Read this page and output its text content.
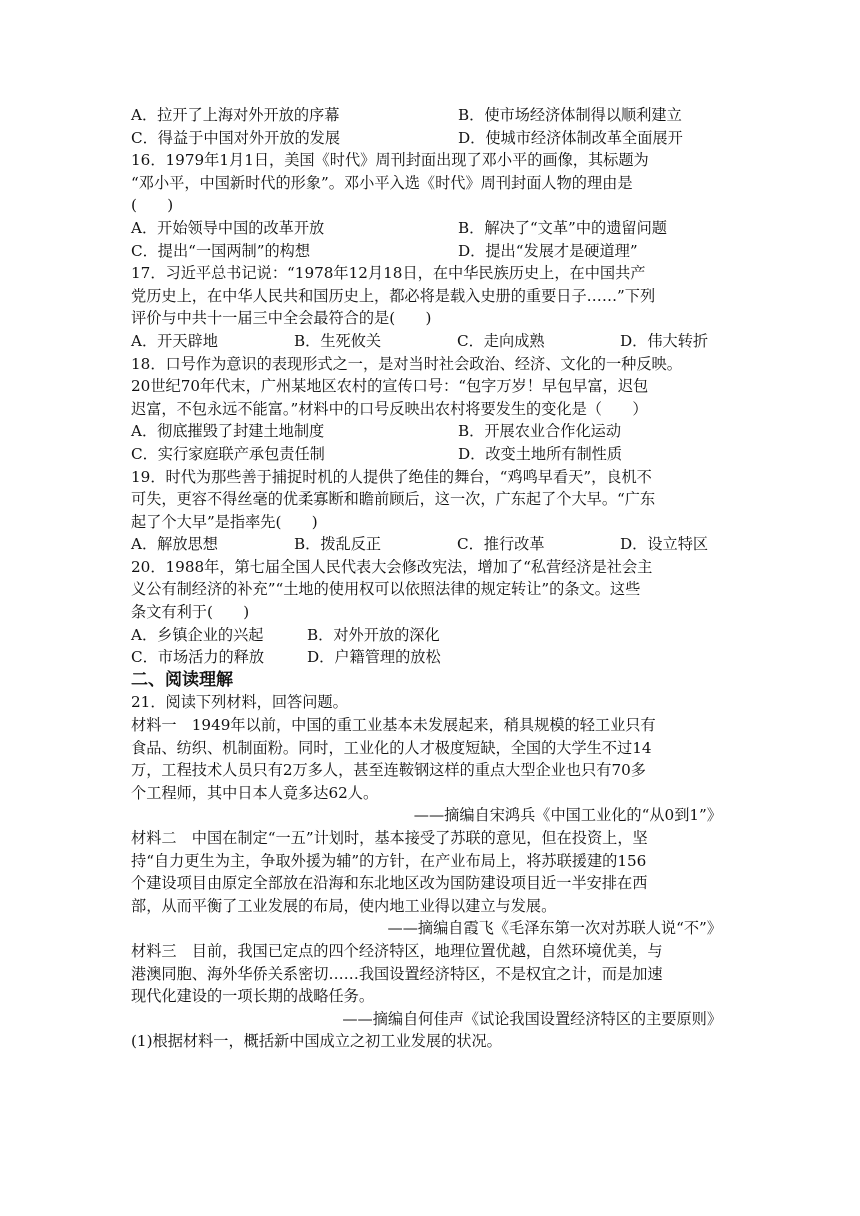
A．拉开了上海对外开放的序幕	B．使市场经济体制得以顺利建立
C．得益于中国对外开放的发展	D．使城市经济体制改革全面展开
16．1979年1月1日，美国《时代》周刊封面出现了邓小平的画像，其标题为
“邓小平，中国新时代的形象”。邓小平入选《时代》周刊封面人物的理由是
(　　)
A．开始领导中国的改革开放	B．解决了“文革”中的遗留问题
C．提出“一国两制”的构想	D．提出“发展才是硬道理”
17．习近平总书记说：“1978年12月18日，在中华民族历史上，在中国共产
党历史上，在中华人民共和国历史上，都必将是载入史册的重要日子……”下列
评价与中共十一届三中全会最符合的是(　　)
A．开天辟地	B．生死攸关	C．走向成熟	D．伟大转折
18．口号作为意识的表现形式之一，是对当时社会政治、经济、文化的一种反映。
20世纪70年代末，广州某地区农村的宣传口号：“包字万岁！早包早富，迟包
迟富，不包永远不能富。”材料中的口号反映出农村将要发生的变化是（　　）
A．彻底摧毁了封建土地制度	B．开展农业合作化运动
C．实行家庭联产承包责任制	D．改变土地所有制性质
19．时代为那些善于捕捉时机的人提供了绝佳的舞台，“鸡鸣早看天”，良机不
可失，更容不得丝毫的优柔寡断和瞻前顾后，这一次，广东起了个大早。“广东
起了个大早”是指率先(　　)
A．解放思想	B．拨乱反正	C．推行改革	D．设立特区
20．1988年，第七届全国人民代表大会修改宪法，增加了“私营经济是社会主
义公有制经济的补充”“土地的使用权可以依照法律的规定转让”的条文。这些
条文有利于(　　)
A．乡镇企业的兴起	B．对外开放的深化
C．市场活力的释放	D．户籍管理的放松
二、阅读理解
21．阅读下列材料，回答问题。
材料一　1949年以前，中国的重工业基本未发展起来，稍具规模的轻工业只有
食品、纺织、机制面粉。同时，工业化的人才极度短缺，全国的大学生不过14
万，工程技术人员只有2万多人，甚至连鞍钢这样的重点大型企业也只有70多
个工程师，其中日本人竟多达62人。
——摘编自宋鸿兵《中国工业化的“从0到1”》
材料二　中国在制定“一五”计划时，基本接受了苏联的意见，但在投资上，坚
持“自力更生为主，争取外援为辅”的方针，在产业布局上，将苏联援建的156
个建设项目由原定全部放在沿海和东北地区改为国防建设项目近一半安排在西
部，从而平衡了工业发展的布局，使内地工业得以建立与发展。
——摘编自霞飞《毛泽东第一次对苏联人说“不”》
材料三　目前，我国已定点的四个经济特区，地理位置优越，自然环境优美，与
港澳同胞、海外华侨关系密切……我国设置经济特区，不是权宜之计，而是加速
现代化建设的一项长期的战略任务。
——摘编自何佳声《试论我国设置经济特区的主要原则》
(1)根据材料一，概括新中国成立之初工业发展的状况。
